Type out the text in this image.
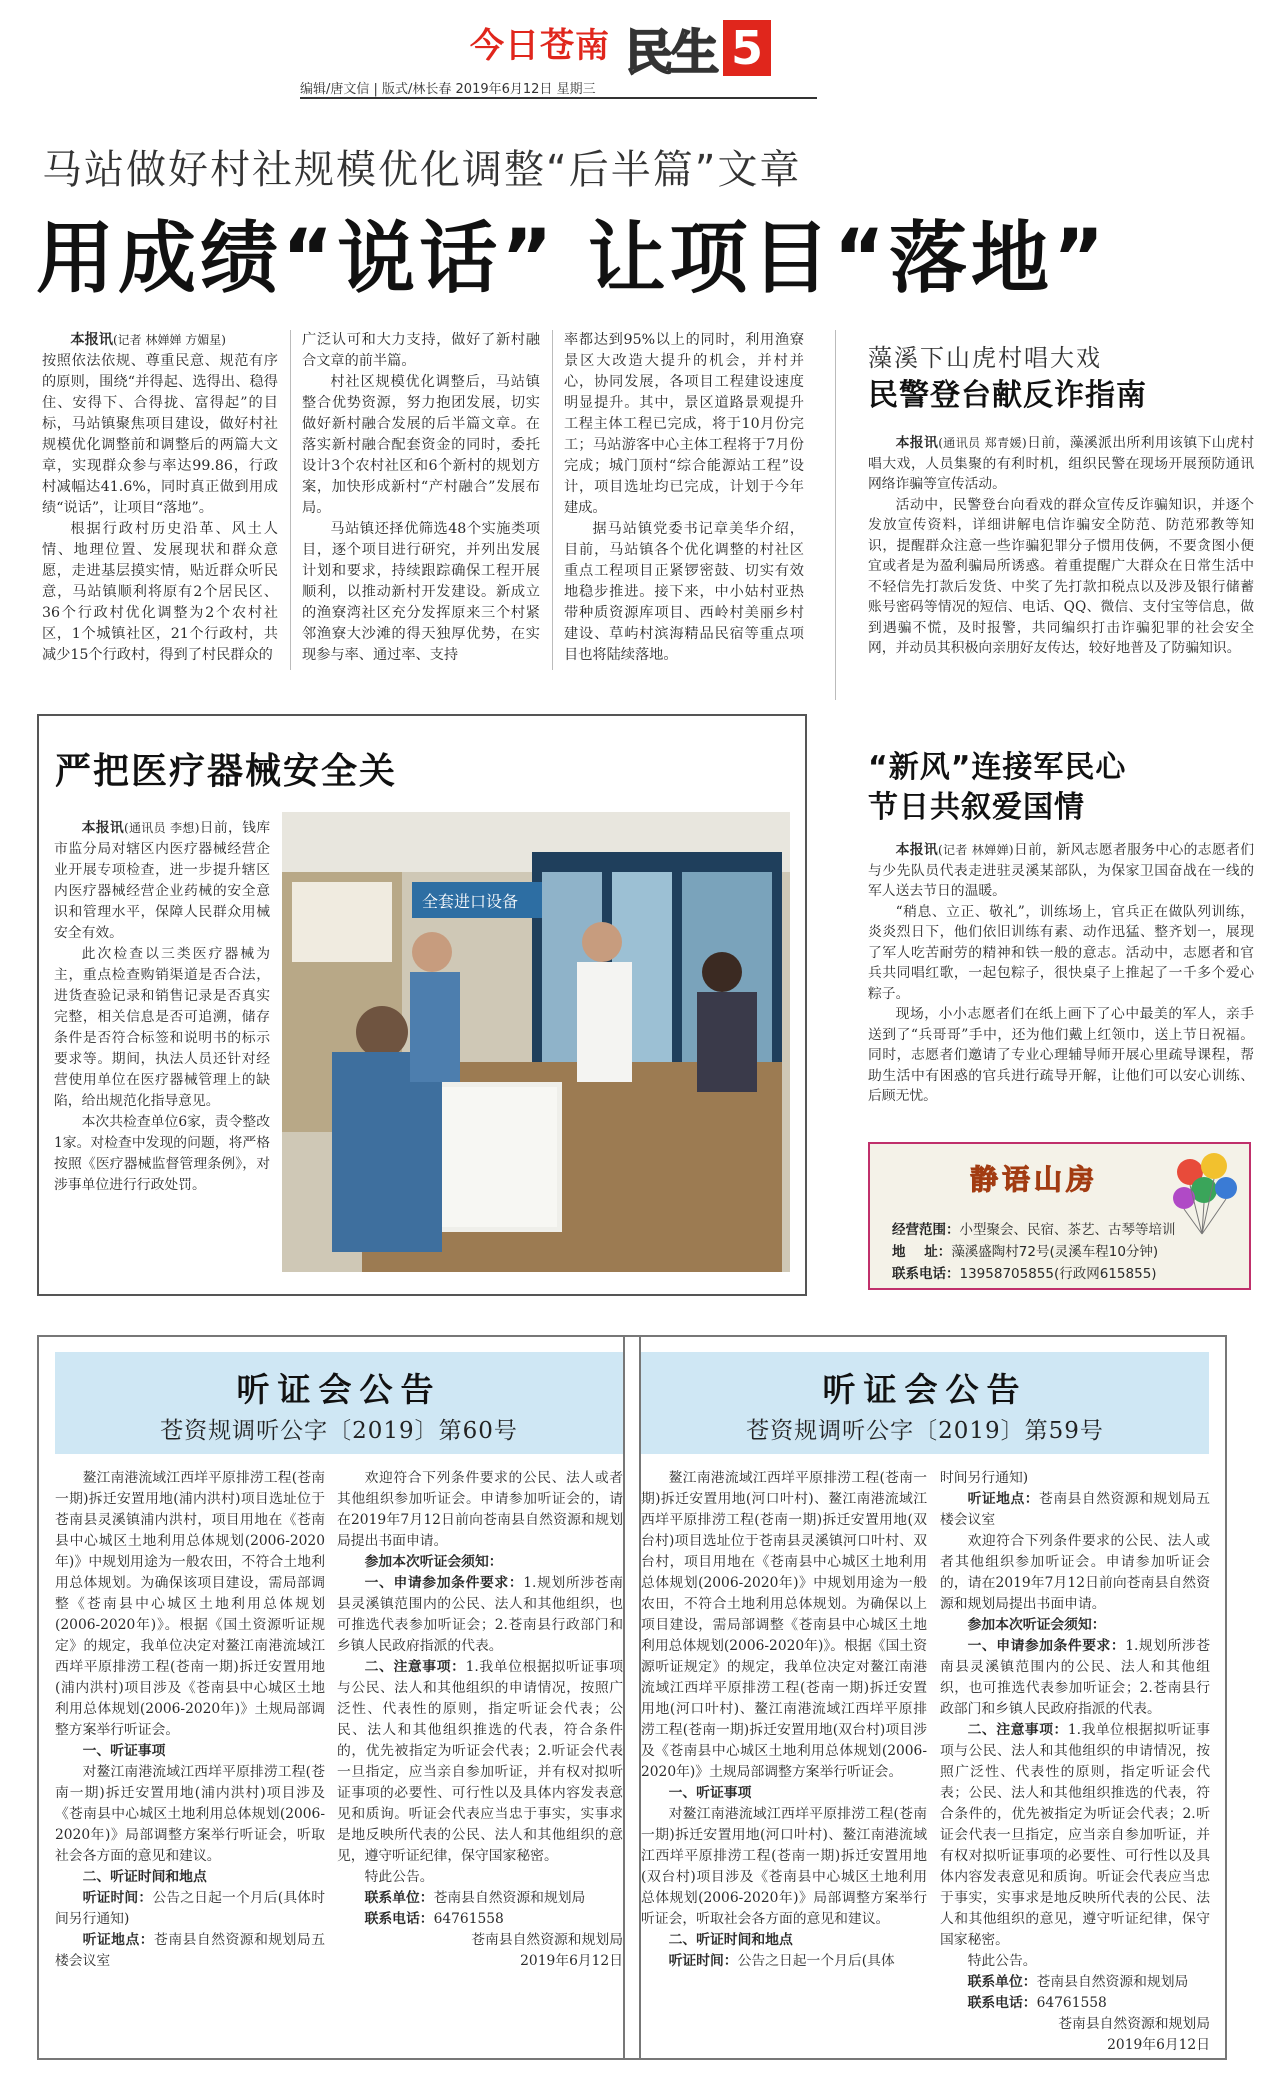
今日苍南 民生 5
编辑/唐文信 | 版式/林长春 2019年6月12日 星期三
马站做好村社规模优化调整“后半篇”文章
用成绩“说话” 让项目“落地”

本报讯(记者 林婵婵 方媚星)

按照依法依规、尊重民意、规范有序的原则，围绕“并得起、选得出、稳得住、安得下、合得拢、富得起”的目标，马站镇聚焦项目建设，做好村社规模优化调整前和调整后的两篇大文章，实现群众参与率达99.86，行政村减幅达41.6%，同时真正做到用成绩“说话”，让项目“落地”。

根据行政村历史沿革、风土人情、地理位置、发展现状和群众意愿，走进基层摸实情，贴近群众听民意，马站镇顺利将原有2个居民区、36个行政村优化调整为2个农村社区，1个城镇社区，21个行政村，共减少15个行政村，得到了村民群众的

广泛认可和大力支持，做好了新村融合文章的前半篇。

村社区规模优化调整后，马站镇整合优势资源，努力抱团发展，切实做好新村融合发展的后半篇文章。在落实新村融合配套资金的同时，委托设计3个农村社区和6个新村的规划方案，加快形成新村“产村融合”发展布局。

马站镇还择优筛选48个实施类项目，逐个项目进行研究，并列出发展计划和要求，持续跟踪确保工程开展顺利，以推动新村开发建设。新成立的渔寮湾社区充分发挥原来三个村紧邻渔寮大沙滩的得天独厚优势，在实现参与率、通过率、支持

率都达到95%以上的同时，利用渔寮景区大改造大提升的机会，并村并心，协同发展，各项目工程建设速度明显提升。其中，景区道路景观提升工程主体工程已完成，将于10月份完工；马站游客中心主体工程将于7月份完成；城门顶村“综合能源站工程”设计，项目选址均已完成，计划于今年建成。

据马站镇党委书记章美华介绍，目前，马站镇各个优化调整的村社区重点工程项目正紧锣密鼓、切实有效地稳步推进。接下来，中小姑村亚热带种质资源库项目、西岭村美丽乡村建设、草屿村滨海精品民宿等重点项目也将陆续落地。

藻溪下山虎村唱大戏
民警登台献反诈指南

本报讯(通讯员 郑青媛)日前，藻溪派出所利用该镇下山虎村唱大戏，人员集聚的有利时机，组织民警在现场开展预防通讯网络诈骗等宣传活动。

活动中，民警登台向看戏的群众宣传反诈骗知识，并逐个发放宣传资料，详细讲解电信诈骗安全防范、防范邪教等知识，提醒群众注意一些诈骗犯罪分子惯用伎俩，不要贪图小便宜或者是为盈利骗局所诱惑。着重提醒广大群众在日常生活中不轻信先打款后发货、中奖了先打款扣税点以及涉及银行储蓄账号密码等情况的短信、电话、QQ、微信、支付宝等信息，做到遇骗不慌，及时报警，共同编织打击诈骗犯罪的社会安全网，并动员其积极向亲朋好友传达，较好地普及了防骗知识。

“新风”连接军民心
节日共叙爱国情

本报讯(记者 林婵婵)日前，新风志愿者服务中心的志愿者们与少先队员代表走进驻灵溪某部队，为保家卫国奋战在一线的军人送去节日的温暖。

“稍息、立正、敬礼”，训练场上，官兵正在做队列训练，炎炎烈日下，他们依旧训练有素、动作迅猛、整齐划一，展现了军人吃苦耐劳的精神和铁一般的意志。活动中，志愿者和官兵共同唱红歌，一起包粽子，很快桌子上推起了一千多个爱心粽子。

现场，小小志愿者们在纸上画下了心中最美的军人，亲手送到了“兵哥哥”手中，还为他们戴上红领巾，送上节日祝福。同时，志愿者们邀请了专业心理辅导师开展心里疏导课程，帮助生活中有困惑的官兵进行疏导开解，让他们可以安心训练、后顾无忧。

严把医疗器械安全关

本报讯(通讯员 李想)日前，钱库市监分局对辖区内医疗器械经营企业开展专项检查，进一步提升辖区内医疗器械经营企业药械的安全意识和管理水平，保障人民群众用械安全有效。

此次检查以三类医疗器械为主，重点检查购销渠道是否合法，进货查验记录和销售记录是否真实完整，相关信息是否可追溯，储存条件是否符合标签和说明书的标示要求等。期间，执法人员还针对经营使用单位在医疗器械管理上的缺陷，给出规范化指导意见。

本次共检查单位6家，责令整改1家。对检查中发现的问题，将严格按照《医疗器械监督管理条例》，对涉事单位进行行政处罚。

全套进口设备
静语山房
经营范围：小型聚会、民宿、茶艺、古琴等培训
地    址：藻溪盛陶村72号(灵溪车程10分钟)
联系电话：13958705855(行政网615855)
听证会公告
苍资规调听公字〔2019〕第60号

鳌江南港流域江西垟平原排涝工程(苍南一期)拆迁安置用地(浦内洪村)项目选址位于苍南县灵溪镇浦内洪村，项目用地在《苍南县中心城区土地利用总体规划(2006-2020年)》中规划用途为一般农田，不符合土地利用总体规划。为确保该项目建设，需局部调整《苍南县中心城区土地利用总体规划(2006-2020年)》。根据《国土资源听证规定》的规定，我单位决定对鳌江南港流域江西垟平原排涝工程(苍南一期)拆迁安置用地(浦内洪村)项目涉及《苍南县中心城区土地利用总体规划(2006-2020年)》土规局部调整方案举行听证会。

一、听证事项

对鳌江南港流域江西垟平原排涝工程(苍南一期)拆迁安置用地(浦内洪村)项目涉及《苍南县中心城区土地利用总体规划(2006-2020年)》局部调整方案举行听证会，听取社会各方面的意见和建议。

二、听证时间和地点

听证时间：公告之日起一个月后(具体时间另行通知)

听证地点：苍南县自然资源和规划局五楼会议室

欢迎符合下列条件要求的公民、法人或者其他组织参加听证会。申请参加听证会的，请在2019年7月12日前向苍南县自然资源和规划局提出书面申请。

参加本次听证会须知：

一、申请参加条件要求：1.规划所涉苍南县灵溪镇范围内的公民、法人和其他组织，也可推选代表参加听证会；2.苍南县行政部门和乡镇人民政府指派的代表。

二、注意事项：1.我单位根据拟听证事项与公民、法人和其他组织的申请情况，按照广泛性、代表性的原则，指定听证会代表；公民、法人和其他组织推选的代表，符合条件的，优先被指定为听证会代表；2.听证会代表一旦指定，应当亲自参加听证，并有权对拟听证事项的必要性、可行性以及具体内容发表意见和质询。听证会代表应当忠于事实，实事求是地反映所代表的公民、法人和其他组织的意见，遵守听证纪律，保守国家秘密。

特此公告。

联系单位：苍南县自然资源和规划局

联系电话：64761558

苍南县自然资源和规划局

2019年6月12日

听证会公告
苍资规调听公字〔2019〕第59号

鳌江南港流域江西垟平原排涝工程(苍南一期)拆迁安置用地(河口叶村)、鳌江南港流域江西垟平原排涝工程(苍南一期)拆迁安置用地(双台村)项目选址位于苍南县灵溪镇河口叶村、双台村，项目用地在《苍南县中心城区土地利用总体规划(2006-2020年)》中规划用途为一般农田，不符合土地利用总体规划。为确保以上项目建设，需局部调整《苍南县中心城区土地利用总体规划(2006-2020年)》。根据《国土资源听证规定》的规定，我单位决定对鳌江南港流域江西垟平原排涝工程(苍南一期)拆迁安置用地(河口叶村)、鳌江南港流域江西垟平原排涝工程(苍南一期)拆迁安置用地(双台村)项目涉及《苍南县中心城区土地利用总体规划(2006-2020年)》土规局部调整方案举行听证会。

一、听证事项

对鳌江南港流域江西垟平原排涝工程(苍南一期)拆迁安置用地(河口叶村)、鳌江南港流域江西垟平原排涝工程(苍南一期)拆迁安置用地(双台村)项目涉及《苍南县中心城区土地利用总体规划(2006-2020年)》局部调整方案举行听证会，听取社会各方面的意见和建议。

二、听证时间和地点

听证时间：公告之日起一个月后(具体

时间另行通知)

听证地点：苍南县自然资源和规划局五楼会议室

欢迎符合下列条件要求的公民、法人或者其他组织参加听证会。申请参加听证会的，请在2019年7月12日前向苍南县自然资源和规划局提出书面申请。

参加本次听证会须知：

一、申请参加条件要求：1.规划所涉苍南县灵溪镇范围内的公民、法人和其他组织，也可推选代表参加听证会；2.苍南县行政部门和乡镇人民政府指派的代表。

二、注意事项：1.我单位根据拟听证事项与公民、法人和其他组织的申请情况，按照广泛性、代表性的原则，指定听证会代表；公民、法人和其他组织推选的代表，符合条件的，优先被指定为听证会代表；2.听证会代表一旦指定，应当亲自参加听证，并有权对拟听证事项的必要性、可行性以及具体内容发表意见和质询。听证会代表应当忠于事实，实事求是地反映所代表的公民、法人和其他组织的意见，遵守听证纪律，保守国家秘密。

特此公告。

联系单位：苍南县自然资源和规划局

联系电话：64761558

苍南县自然资源和规划局

2019年6月12日
